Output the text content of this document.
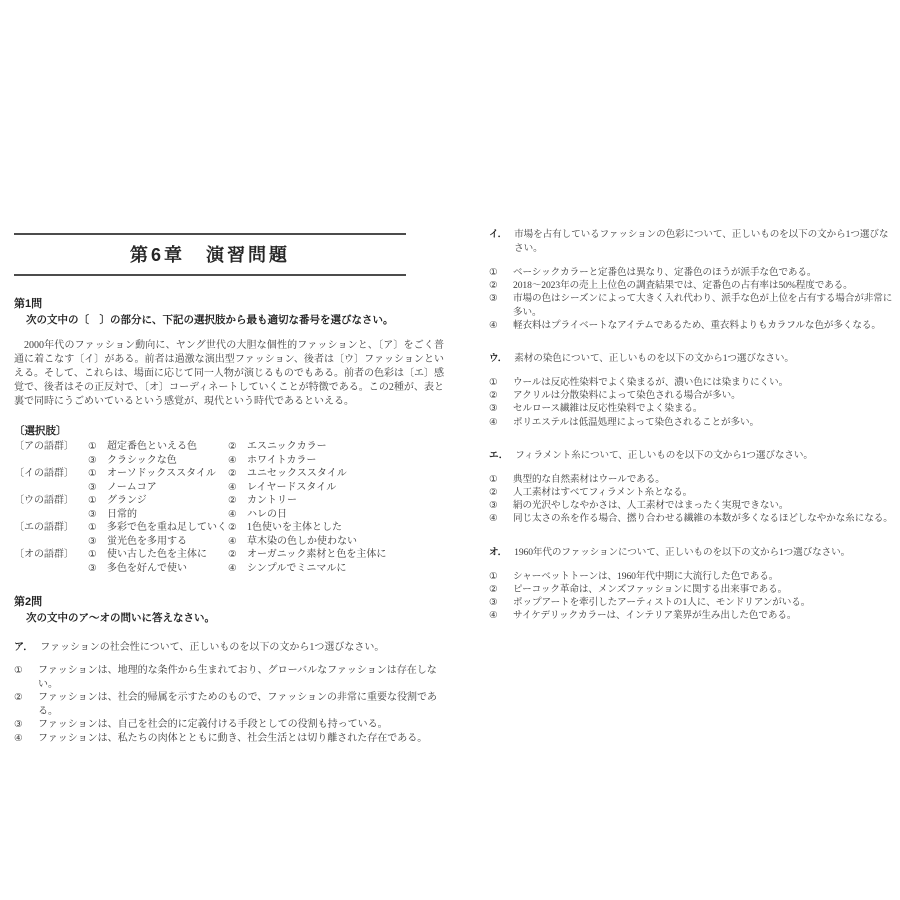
第6章　演習問題
第1問
次の文中の〔　〕の部分に、下記の選択肢から最も適切な番号を選びなさい。

2000年代のファッション動向に、ヤング世代の大胆な個性的ファッションと、〔ア〕をごく普通に着こなす〔イ〕がある。前者は過激な演出型ファッション、後者は〔ウ〕ファッションといえる。そして、これらは、場面に応じて同一人物が演じるものでもある。前者の色彩は〔エ〕感覚で、後者はその正反対で、〔オ〕コーディネートしていくことが特徴である。この2種が、表と裏で同時にうごめいているという感覚が、現代という時代であるといえる。

〔選択肢〕
〔アの語群〕	①	超定番色といえる色	②	エスニックカラー
③	クラシックな色	④	ホワイトカラー
〔イの語群〕	①	オーソドックススタイル ②	ユニセックススタイル
③	ノームコア	④	レイヤードスタイル
〔ウの語群〕	①	グランジ	②	カントリー
③	日常的	④	ハレの日
〔エの語群〕	①	多彩で色を重ね足していく ②	1色使いを主体とした
③	蛍光色を多用する	④	草木染の色しか使わない
〔オの語群〕	①	使い古した色を主体に ②	オーガニック素材と色を主体に
③	多色を好んで使い	④	シンプルでミニマルに
第2問
次の文中のア～オの問いに答えなさい。
ア． ファッションの社会性について、正しいものを以下の文から1つ選びなさい。
①	ファッションは、地理的な条件から生まれており、グローバルなファッションは存在しない。
②	ファッションは、社会的帰属を示すためのもので、ファッションの非常に重要な役割である。
③	ファッションは、自己を社会的に定義付ける手段としての役割も持っている。
④	ファッションは、私たちの肉体とともに動き、社会生活とは切り離された存在である。
イ． 市場を占有しているファッションの色彩について、正しいものを以下の文から1つ選びなさい。
①	ベーシックカラーと定番色は異なり、定番色のほうが派手な色である。
②	2018～2023年の売上上位色の調査結果では、定番色の占有率は50%程度である。
③	市場の色はシーズンによって大きく入れ代わり、派手な色が上位を占有する場合が非常に多い。
④	軽衣料はプライベートなアイテムであるため、重衣料よりもカラフルな色が多くなる。
ウ． 素材の染色について、正しいものを以下の文から1つ選びなさい。
①	ウールは反応性染料でよく染まるが、濃い色には染まりにくい。
②	アクリルは分散染料によって染色される場合が多い。
③	セルロース繊維は反応性染料でよく染まる。
④	ポリエステルは低温処理によって染色されることが多い。
エ． フィラメント糸について、正しいものを以下の文から1つ選びなさい。
①	典型的な自然素材はウールである。
②	人工素材はすべてフィラメント糸となる。
③	絹の光沢やしなやかさは、人工素材ではまったく実現できない。
④	同じ太さの糸を作る場合、撚り合わせる繊維の本数が多くなるほどしなやかな糸になる。
オ． 1960年代のファッションについて、正しいものを以下の文から1つ選びなさい。
①	シャーベットトーンは、1960年代中期に大流行した色である。
②	ピーコック革命は、メンズファッションに関する出来事である。
③	ポップアートを牽引したアーティストの1人に、モンドリアンがいる。
④	サイケデリックカラーは、インテリア業界が生み出した色である。
